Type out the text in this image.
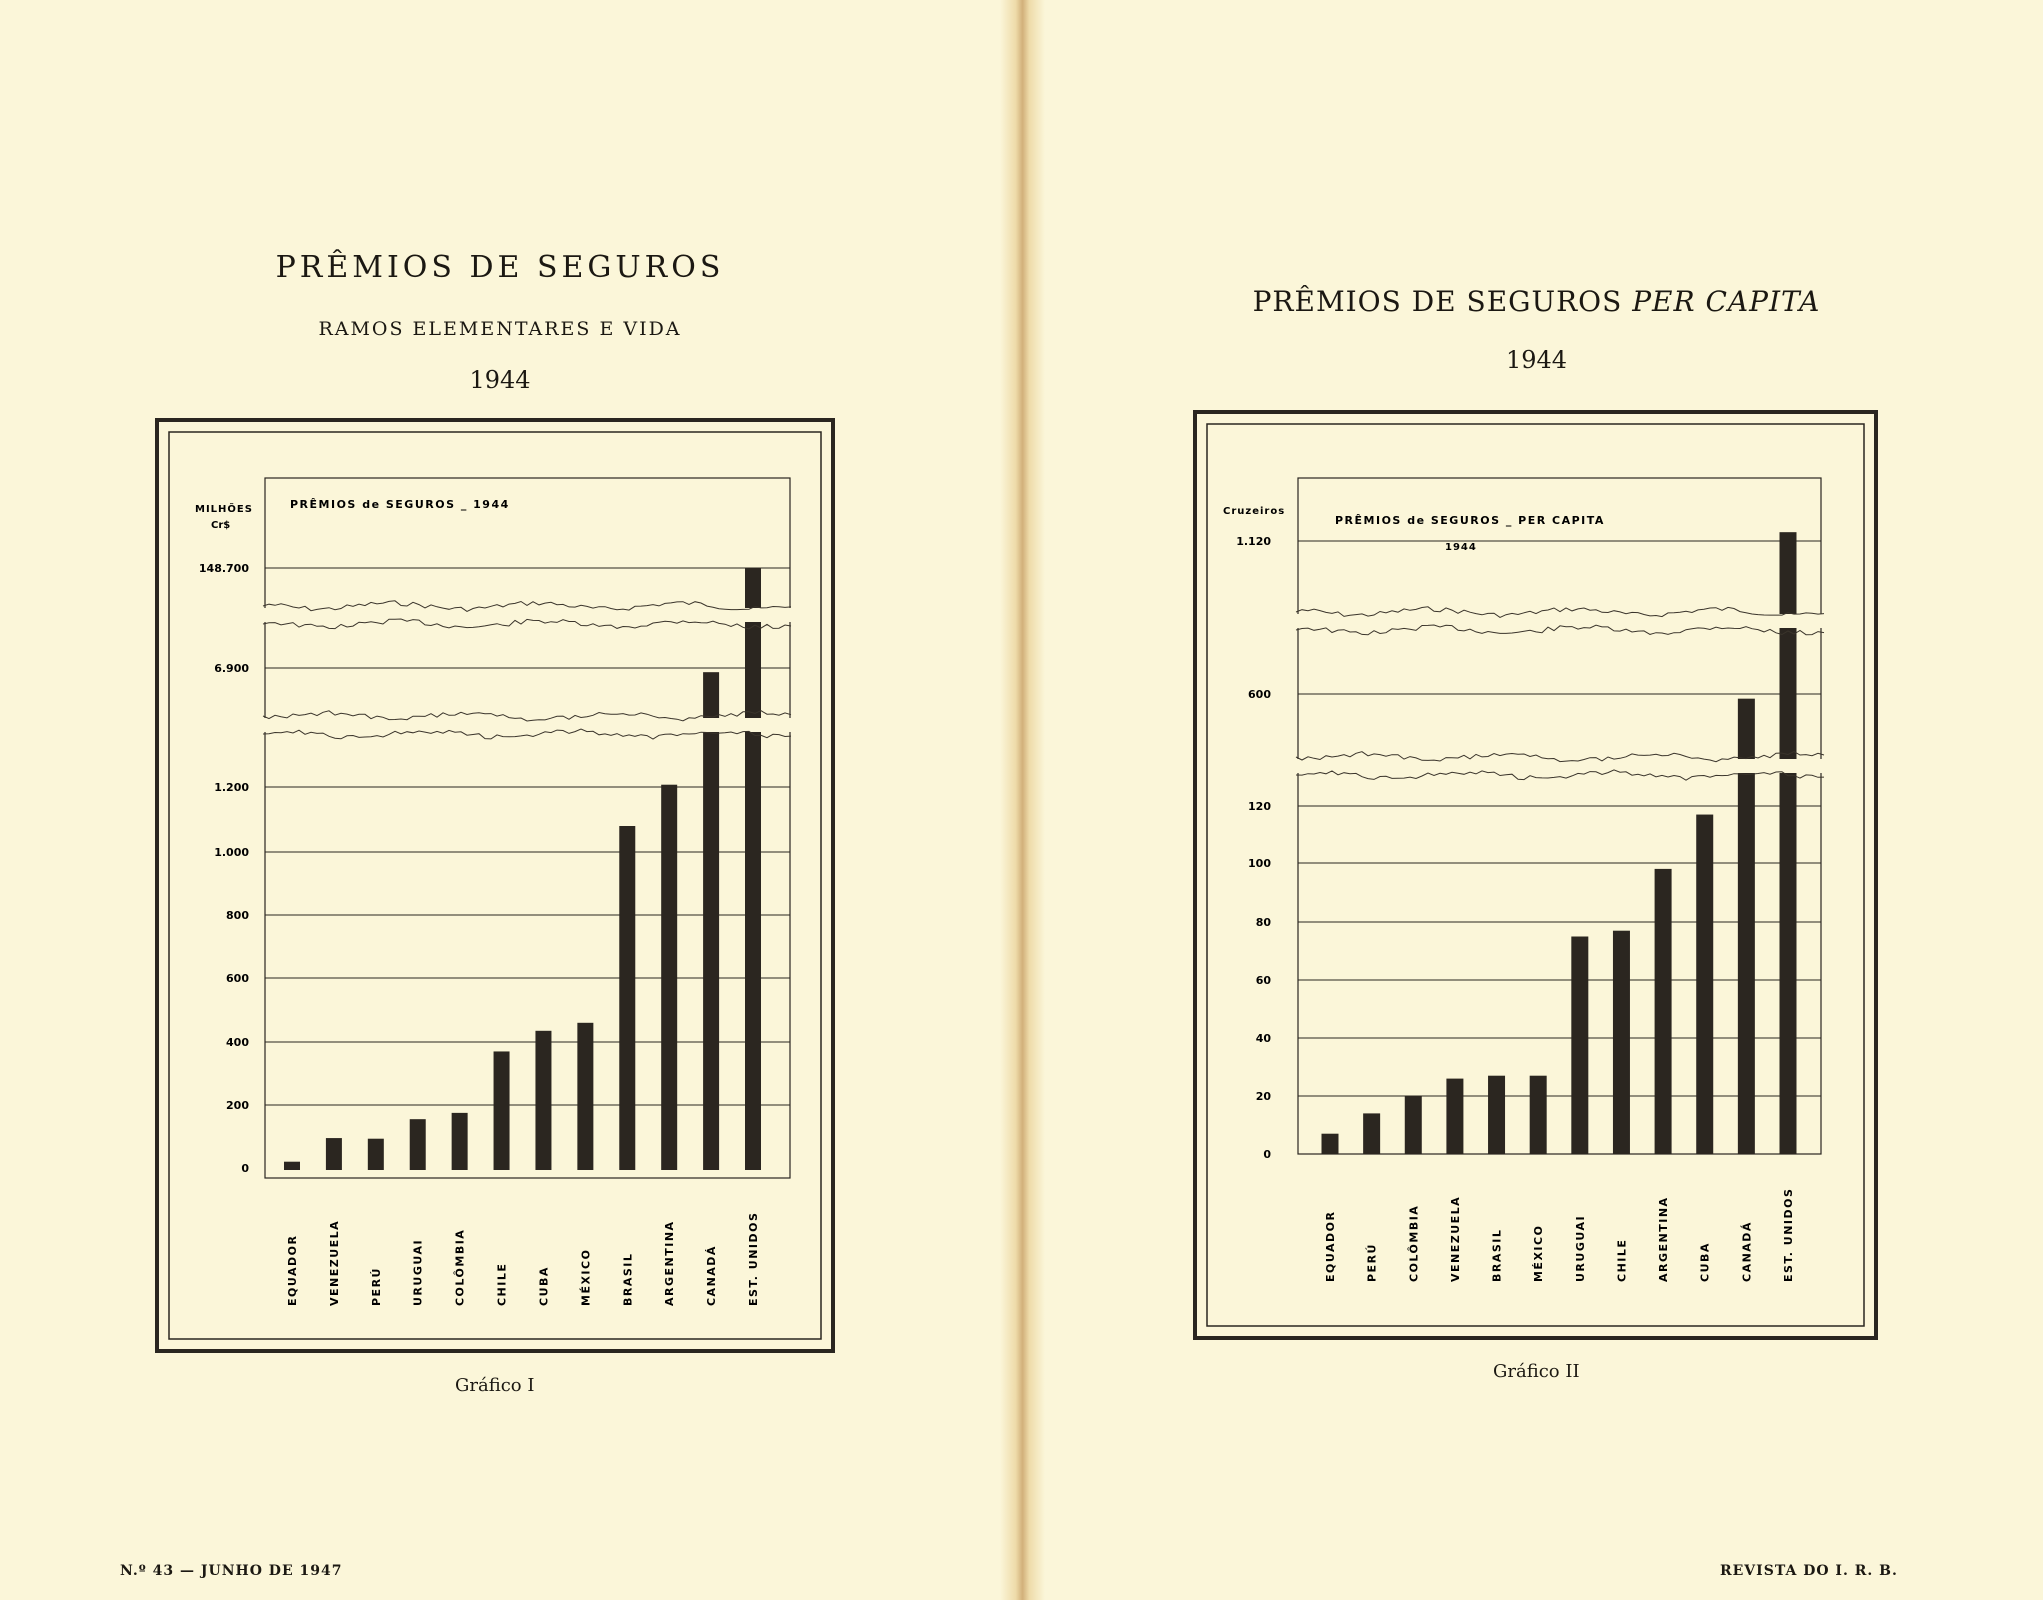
PRÊMIOS DE SEGUROS
RAMOS ELEMENTARES E VIDA
1944
PRÊMIOS DE SEGUROS PER CAPITA
1944
MILHÕES
Cr$
PRÊMIOS de SEGUROS _ 1944
0
200
400
600
800
1.000
1.200
6.900
148.700
EQUADOR	VENEZUELA	PERÚ	URUGUAI	COLÔMBIA	CHILE	CUBA	MÉXICO	BRASIL	ARGENTINA	CANADÁ	EST. UNIDOS
Cruzeiros
PRÊMIOS de SEGUROS _ PER CAPITA
1944
0
20
40
60
80
100
120
600
1.120
EQUADOR	PERÚ	COLÔMBIA	VENEZUELA	BRASIL	MÉXICO	URUGUAI	CHILE	ARGENTINA	CUBA	CANADÁ	EST. UNIDOS
Gráfico I
Gráfico II
N.º 43 — JUNHO DE 1947	REVISTA DO I. R. B.
